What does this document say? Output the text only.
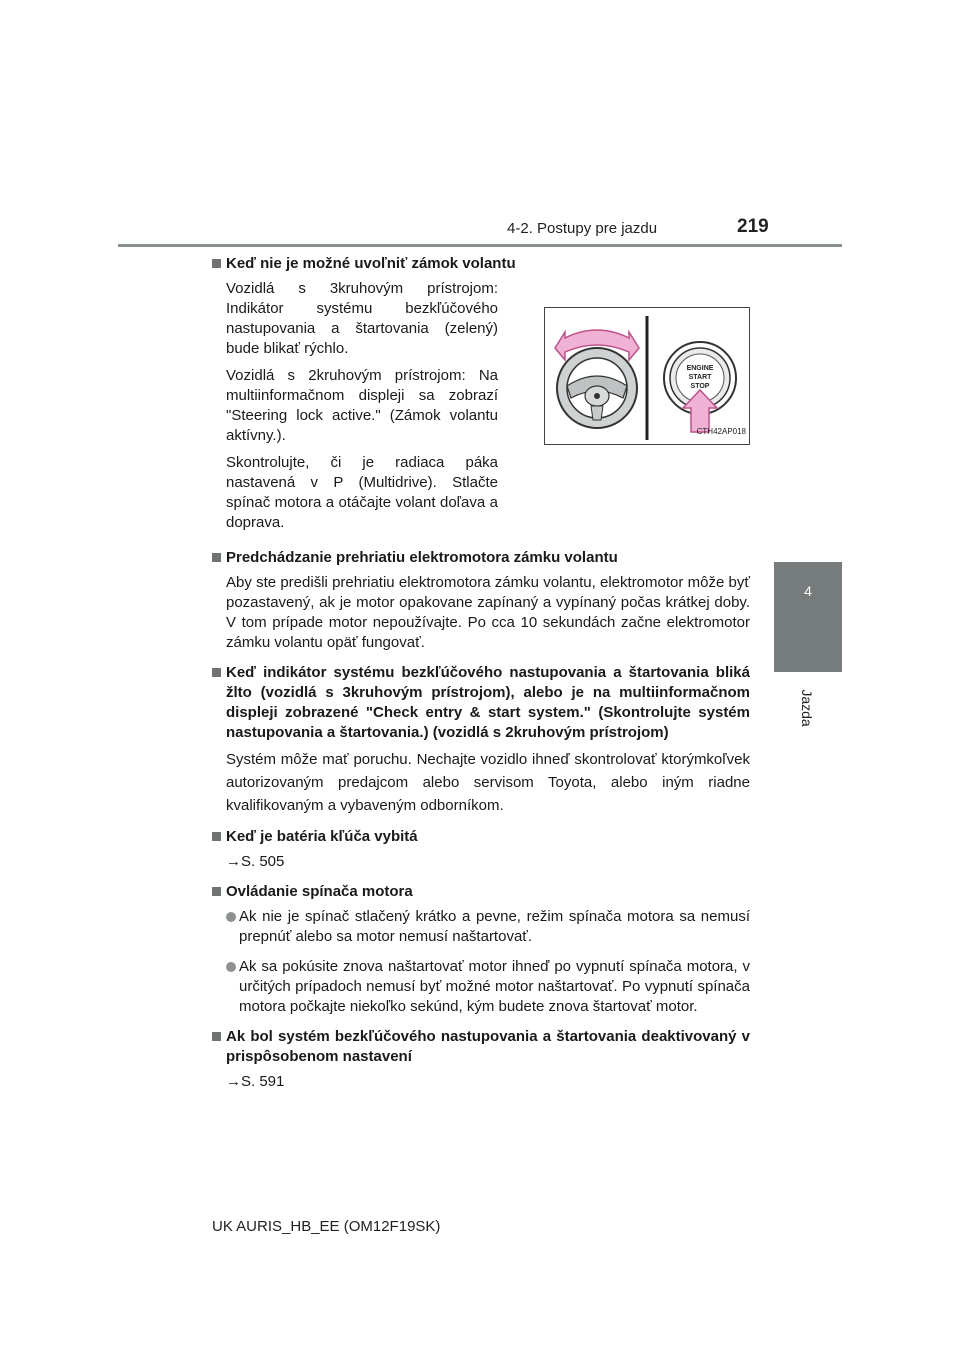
4-2. Postupy pre jazdu	219
4
Jazda
Keď nie je možné uvoľniť zámok volantu
Vozidlá s 3kruhovým prístrojom: Indikátor systému bezkľúčového nastupovania a štartovania (zelený) bude blikať rýchlo.
Vozidlá s 2kruhovým prístrojom: Na multiinformačnom displeji sa zobrazí "Steering lock active." (Zámok volantu aktívny.).
Skontrolujte, či je radiaca páka nastavená v P (Multidrive). Stlačte spínač motora a otáčajte volant doľava a doprava.
ENGINE
START
STOP
CTH42AP018
Predchádzanie prehriatiu elektromotora zámku volantu
Aby ste predišli prehriatiu elektromotora zámku volantu, elektromotor môže byť pozastavený, ak je motor opakovane zapínaný a vypínaný počas krátkej doby. V tom prípade motor nepoužívajte. Po cca 10 sekundách začne elektromotor zámku volantu opäť fungovať.
Keď indikátor systému bezkľúčového nastupovania a štartovania bliká žlto (vozidlá s 3kruhovým prístrojom), alebo je na multiinformačnom displeji zobrazené "Check entry & start system." (Skontrolujte systém nastupovania a štartovania.) (vozidlá s 2kruhovým prístrojom)
Systém môže mať poruchu. Nechajte vozidlo ihneď skontrolovať ktorýmkoľvek autorizovaným predajcom alebo servisom Toyota, alebo iným riadne kvalifikovaným a vybaveným odborníkom.
Keď je batéria kľúča vybitá
→S. 505
Ovládanie spínača motora
Ak nie je spínač stlačený krátko a pevne, režim spínača motora sa nemusí prepnúť alebo sa motor nemusí naštartovať.
Ak sa pokúsite znova naštartovať motor ihneď po vypnutí spínača motora, v určitých prípadoch nemusí byť možné motor naštartovať. Po vypnutí spínača motora počkajte niekoľko sekúnd, kým budete znova štartovať motor.
Ak bol systém bezkľúčového nastupovania a štartovania deaktivovaný v prispôsobenom nastavení
→S. 591
UK AURIS_HB_EE (OM12F19SK)
